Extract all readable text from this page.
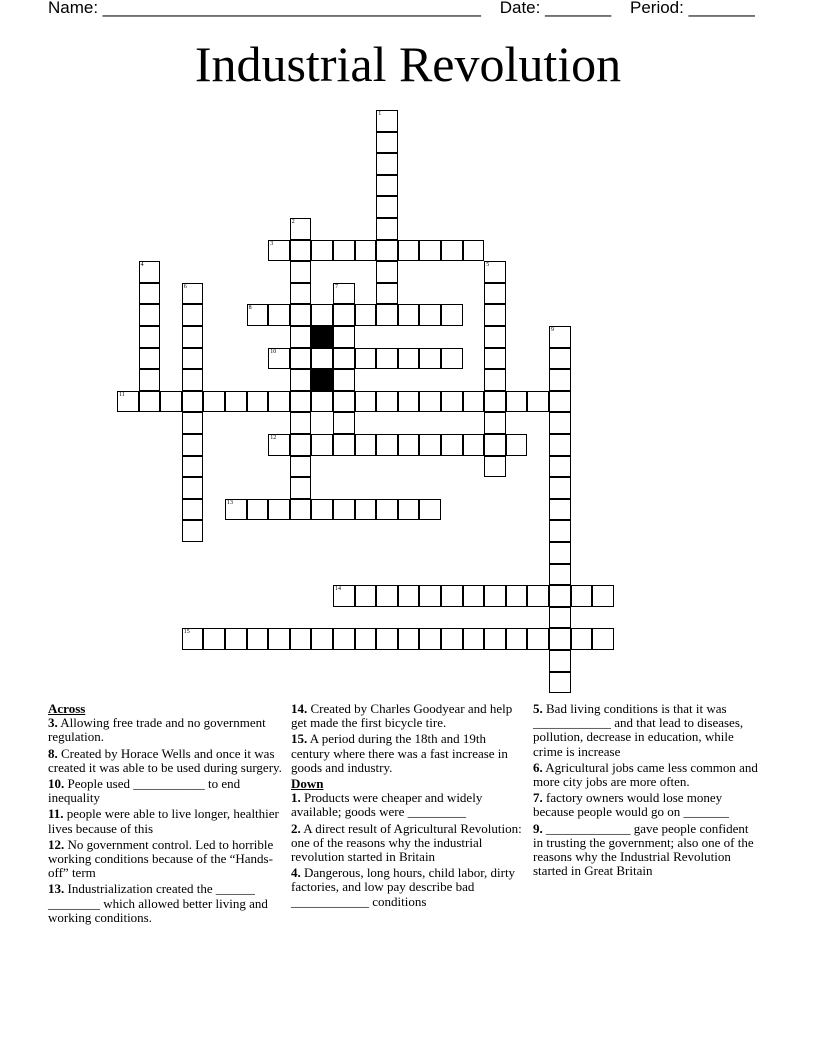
Name: ________________________________________ Date: _______ Period: _______
Industrial Revolution
3
8
10
11
12
13
14
15
1
2
4	5
6	7
9
Across
3. Allowing free trade and no government regulation.
8. Created by Horace Wells and once it was created it was able to be used during surgery.
10. People used ___________ to end inequality
11. people were able to live longer, healthier lives because of this
12. No government control. Led to horrible working conditions because of the “Hands-off” term
13. Industrialization created the ______ ________ which allowed better living and working conditions.
14. Created by Charles Goodyear and help get made the first bicycle tire.
15. A period during the 18th and 19th century where there was a fast increase in goods and industry.
Down
1. Products were cheaper and widely available; goods were _________
2. A direct result of Agricultural Revolution: one of the reasons why the industrial revolution started in Britain
4. Dangerous, long hours, child labor, dirty factories, and low pay describe bad ____________ conditions
5. Bad living conditions is that it was ____________ and that lead to diseases, pollution, decrease in education, while crime is increase
6. Agricultural jobs came less common and more city jobs are more often.
7. factory owners would lose money because people would go on _______
9. _____________ gave people confident in trusting the government; also one of the reasons why the Industrial Revolution started in Great Britain
